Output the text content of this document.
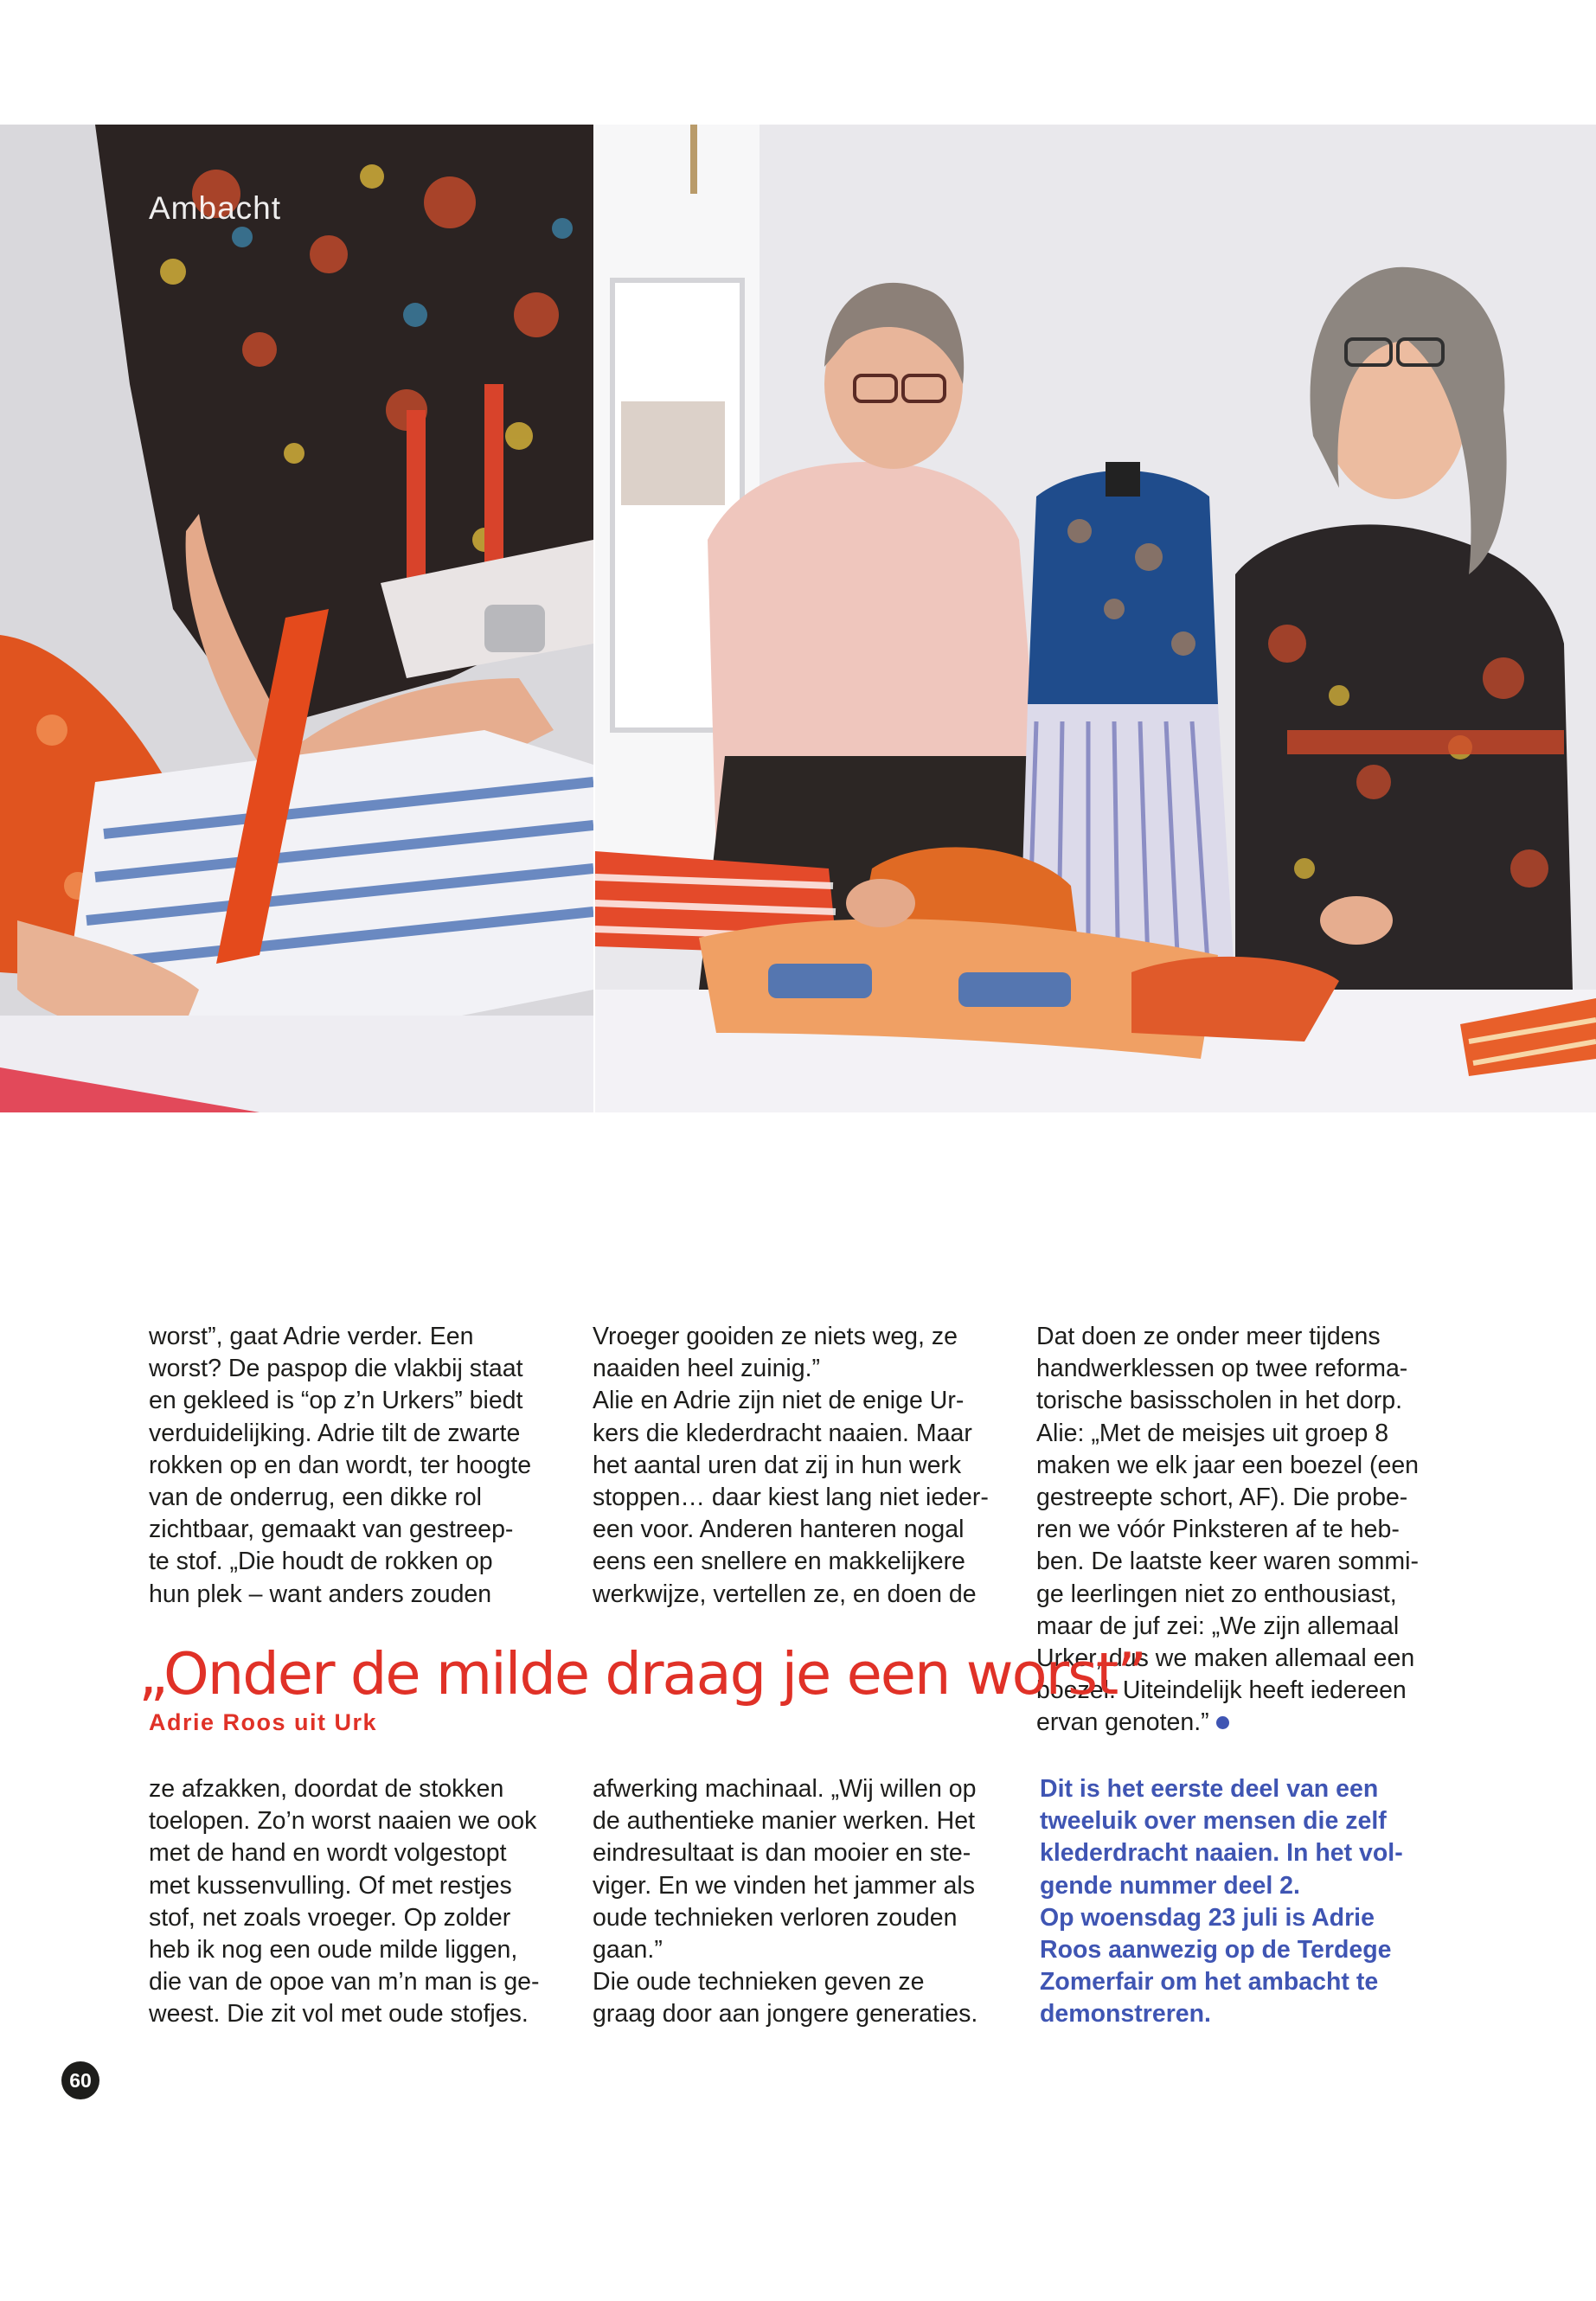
Ambacht
worst”, gaat Adrie verder. Een
worst? De paspop die vlakbij staat
en gekleed is “op z’n Urkers” biedt
verduidelijking. Adrie tilt de zwarte
rokken op en dan wordt, ter hoogte
van de onderrug, een dikke rol
zichtbaar, gemaakt van gestreep-
te stof. „Die houdt de rokken op
hun plek – want anders zouden
Vroeger gooiden ze niets weg, ze
naaiden heel zuinig.”
Alie en Adrie zijn niet de enige Ur-
kers die klederdracht naaien. Maar
het aantal uren dat zij in hun werk
stoppen… daar kiest lang niet ieder-
een voor. Anderen hanteren nogal
eens een snellere en makkelijkere
werkwijze, vertellen ze, en doen de
Dat doen ze onder meer tijdens
handwerklessen op twee reforma-
torische basisscholen in het dorp.
Alie: „Met de meisjes uit groep 8
maken we elk jaar een boezel (een
gestreepte schort, AF). Die probe-
ren we vóór Pinksteren af te heb-
ben. De laatste keer waren sommi-
ge leerlingen niet zo enthousiast,
maar de juf zei: „We zijn allemaal
Urker, dus we maken allemaal een
boezel. Uiteindelijk heeft iedereen
ervan genoten.”
„Onder de milde draag je een worst”
Adrie Roos uit Urk
ze afzakken, doordat de stokken
toelopen. Zo’n worst naaien we ook
met de hand en wordt volgestopt
met kussenvulling. Of met restjes
stof, net zoals vroeger. Op zolder
heb ik nog een oude milde liggen,
die van de opoe van m’n man is ge-
weest. Die zit vol met oude stofjes.
afwerking machinaal. „Wij willen op
de authentieke manier werken. Het
eindresultaat is dan mooier en ste-
viger. En we vinden het jammer als
oude technieken verloren zouden
gaan.”
Die oude technieken geven ze
graag door aan jongere generaties.
Dit is het eerste deel van een
tweeluik over mensen die zelf
klederdracht naaien. In het vol-
gende nummer deel 2.
Op woensdag 23 juli is Adrie
Roos aanwezig op de Terdege
Zomerfair om het ambacht te
demonstreren.
60
